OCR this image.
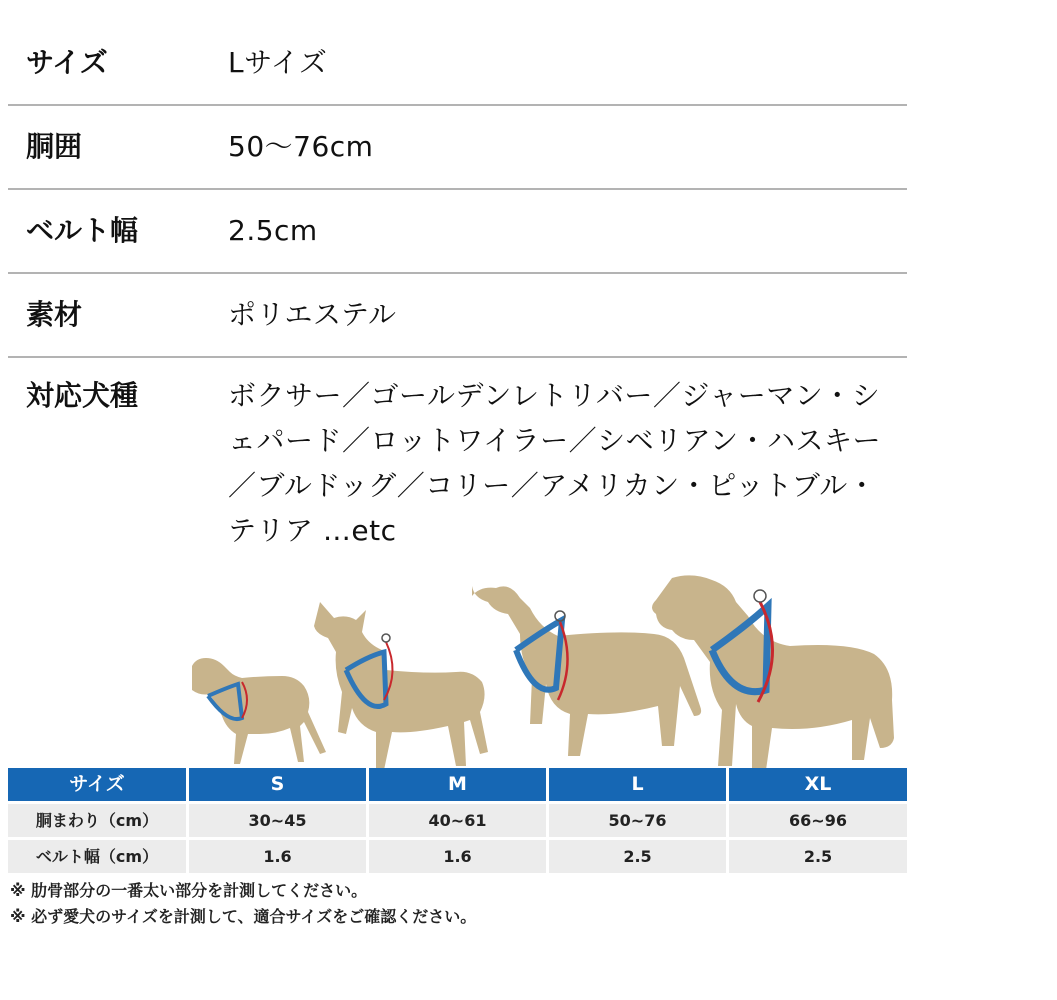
サイズ	Lサイズ
胴囲	50〜76cm
ベルト幅	2.5cm
素材	ポリエステル
対応犬種	ボクサー／ゴールデンレトリバー／ジャーマン・シェパード／ロットワイラー／シベリアン・ハスキー／ブルドッグ／コリー／アメリカン・ピットブル・テリア …etc
サイズ	S	M	L	XL
胴まわり（cm）	30~45	40~61	50~76	66~96
ベルト幅（cm）	1.6	1.6	2.5	2.5
※ 肋骨部分の一番太い部分を計測してください。
※ 必ず愛犬のサイズを計測して、適合サイズをご確認ください。
